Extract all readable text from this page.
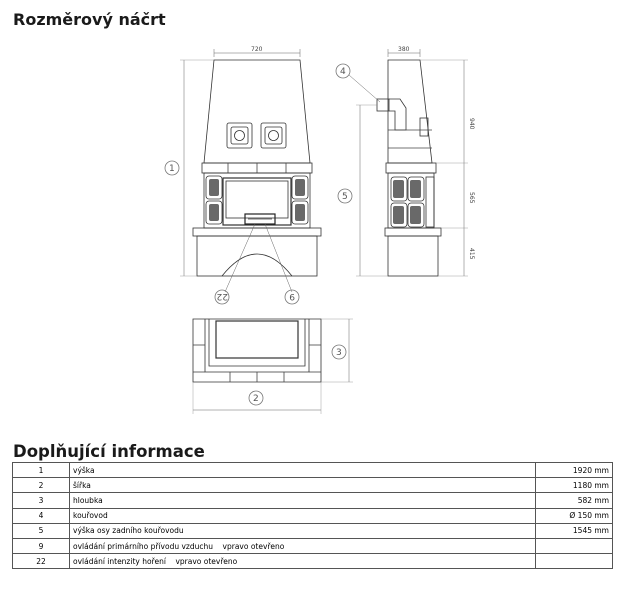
Rozměrový náčrt
720
1
22	9
380
940
565
415
5
4
2
3
Doplňující informace
1	výška	1920 mm
2	šířka	1180 mm
3	hloubka	582 mm
4	kouřovod	Ø 150 mm
5	výška osy zadního kouřovodu	1545 mm
9	ovládání primárního přívodu vzduchu    vpravo otevřeno	
22	ovládání intenzity hoření    vpravo otevřeno	
